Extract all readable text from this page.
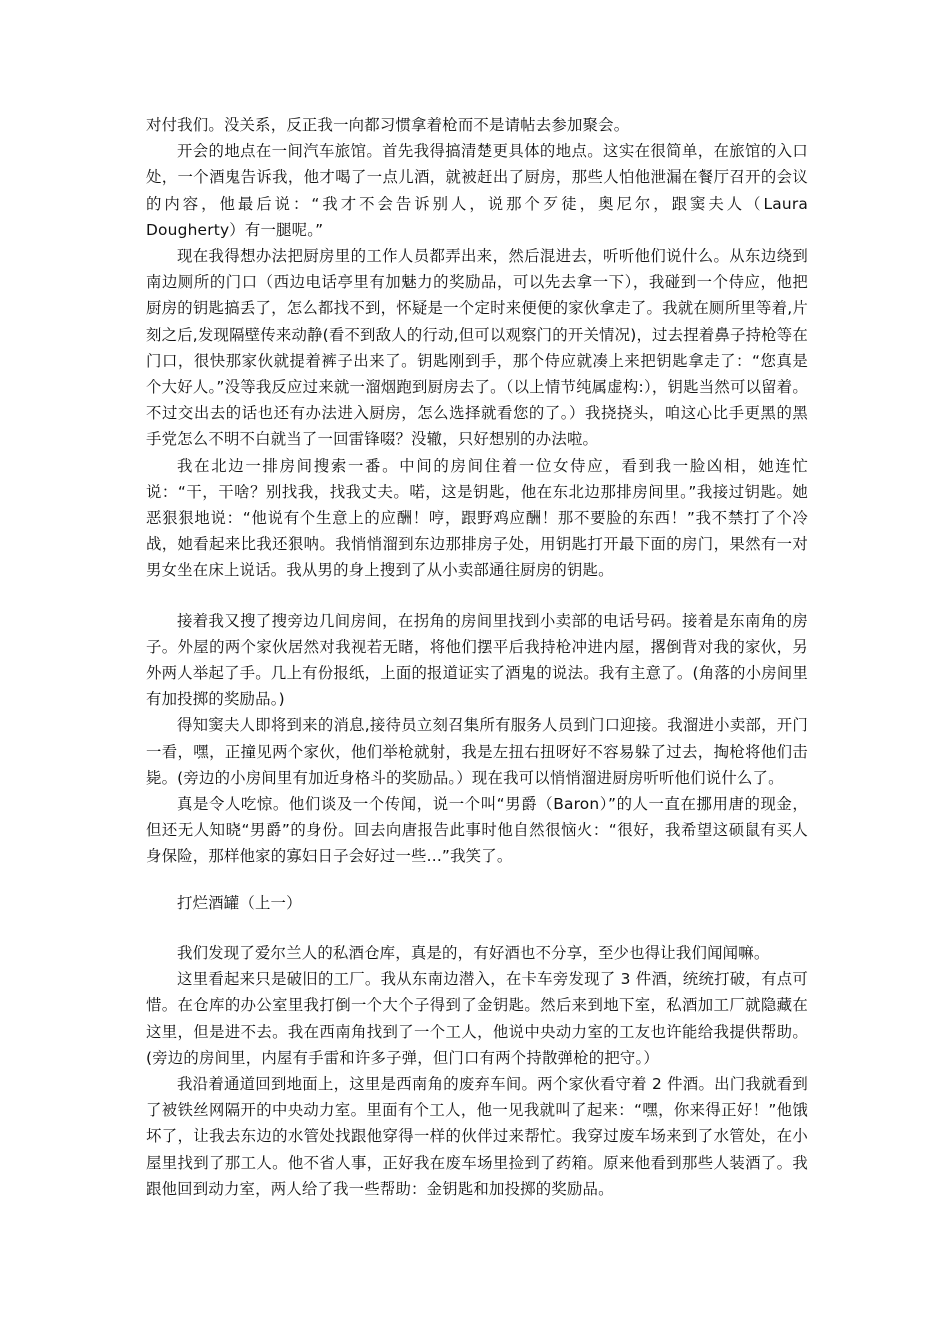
对付我们。没关系，反正我一向都习惯拿着枪而不是请帖去参加聚会。

开会的地点在一间汽车旅馆。首先我得搞清楚更具体的地点。这实在很简单，在旅馆的入口处，一个酒鬼告诉我，他才喝了一点儿酒，就被赶出了厨房，那些人怕他泄漏在餐厅召开的会议的内容，他最后说：“我才不会告诉别人，说那个歹徒，奥尼尔，跟窦夫人（Laura Dougherty）有一腿呢。”

现在我得想办法把厨房里的工作人员都弄出来，然后混进去，听听他们说什么。从东边绕到南边厕所的门口（西边电话亭里有加魅力的奖励品，可以先去拿一下），我碰到一个侍应，他把厨房的钥匙搞丢了，怎么都找不到，怀疑是一个定时来便便的家伙拿走了。我就在厕所里等着,片刻之后,发现隔壁传来动静(看不到敌人的行动,但可以观察门的开关情况)，过去捏着鼻子持枪等在门口，很快那家伙就提着裤子出来了。钥匙刚到手，那个侍应就凑上来把钥匙拿走了：“您真是个大好人。”没等我反应过来就一溜烟跑到厨房去了。（以上情节纯属虚构:），钥匙当然可以留着。不过交出去的话也还有办法进入厨房，怎么选择就看您的了。）我挠挠头，咱这心比手更黑的黑手党怎么不明不白就当了一回雷锋啜？没辙，只好想别的办法啦。

我在北边一排房间搜索一番。中间的房间住着一位女侍应，看到我一脸凶相，她连忙说：“干，干啥？别找我，找我丈夫。喏，这是钥匙，他在东北边那排房间里。”我接过钥匙。她恶狠狠地说：“他说有个生意上的应酬！哼，跟野鸡应酬！那不要脸的东西！”我不禁打了个冷战，她看起来比我还狠呐。我悄悄溜到东边那排房子处，用钥匙打开最下面的房门，果然有一对男女坐在床上说话。我从男的身上搜到了从小卖部通往厨房的钥匙。

接着我又搜了搜旁边几间房间，在拐角的房间里找到小卖部的电话号码。接着是东南角的房子。外屋的两个家伙居然对我视若无睹，将他们摆平后我持枪冲进内屋，撂倒背对我的家伙，另外两人举起了手。几上有份报纸，上面的报道证实了酒鬼的说法。我有主意了。(角落的小房间里有加投掷的奖励品。)

得知窦夫人即将到来的消息,接待员立刻召集所有服务人员到门口迎接。我溜进小卖部，开门一看，嘿，正撞见两个家伙，他们举枪就射，我是左扭右扭呀好不容易躲了过去，掏枪将他们击毙。(旁边的小房间里有加近身格斗的奖励品。）现在我可以悄悄溜进厨房听听他们说什么了。

真是令人吃惊。他们谈及一个传闻，说一个叫“男爵（Baron）”的人一直在挪用唐的现金，但还无人知晓“男爵”的身份。回去向唐报告此事时他自然很恼火：“很好，我希望这硕鼠有买人身保险，那样他家的寡妇日子会好过一些...”我笑了。

打烂酒罐（上一）

我们发现了爱尔兰人的私酒仓库，真是的，有好酒也不分享，至少也得让我们闻闻嘛。

这里看起来只是破旧的工厂。我从东南边潜入，在卡车旁发现了 3 件酒，统统打破，有点可惜。在仓库的办公室里我打倒一个大个子得到了金钥匙。然后来到地下室，私酒加工厂就隐藏在这里，但是进不去。我在西南角找到了一个工人，他说中央动力室的工友也许能给我提供帮助。(旁边的房间里，内屋有手雷和许多子弹，但门口有两个持散弹枪的把守。）

我沿着通道回到地面上，这里是西南角的废弃车间。两个家伙看守着 2 件酒。出门我就看到了被铁丝网隔开的中央动力室。里面有个工人，他一见我就叫了起来：“嘿，你来得正好！”他饿坏了，让我去东边的水管处找跟他穿得一样的伙伴过来帮忙。我穿过废车场来到了水管处，在小屋里找到了那工人。他不省人事，正好我在废车场里捡到了药箱。原来他看到那些人装酒了。我跟他回到动力室，两人给了我一些帮助：金钥匙和加投掷的奖励品。
